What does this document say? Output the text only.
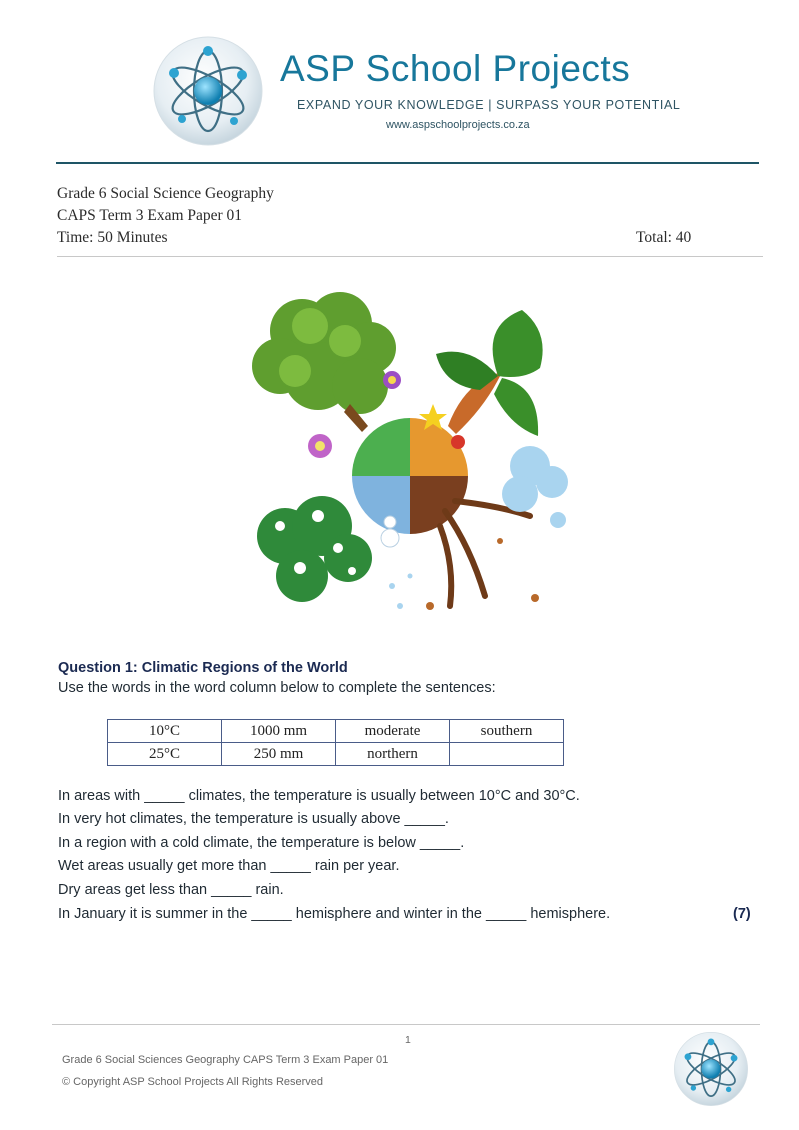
ASP School Projects
EXPAND YOUR KNOWLEDGE | SURPASS YOUR POTENTIAL
www.aspschoolprojects.co.za
Grade 6 Social Science Geography
CAPS Term 3 Exam Paper 01
Time: 50 Minutes	Total: 40
Question 1: Climatic Regions of the World
Use the words in the word column below to complete the sentences:
10°C	1000 mm	moderate	southern
25°C	250 mm	northern	
In areas with _____ climates, the temperature is usually between 10°C and 30°C.
In very hot climates, the temperature is usually above _____.
In a region with a cold climate, the temperature is below _____.
Wet areas usually get more than _____ rain per year.
Dry areas get less than _____ rain.
In January it is summer in the _____ hemisphere and winter in the _____ hemisphere.	(7)
1
Grade 6 Social Sciences Geography CAPS Term 3 Exam Paper 01
© Copyright ASP School Projects All Rights Reserved
